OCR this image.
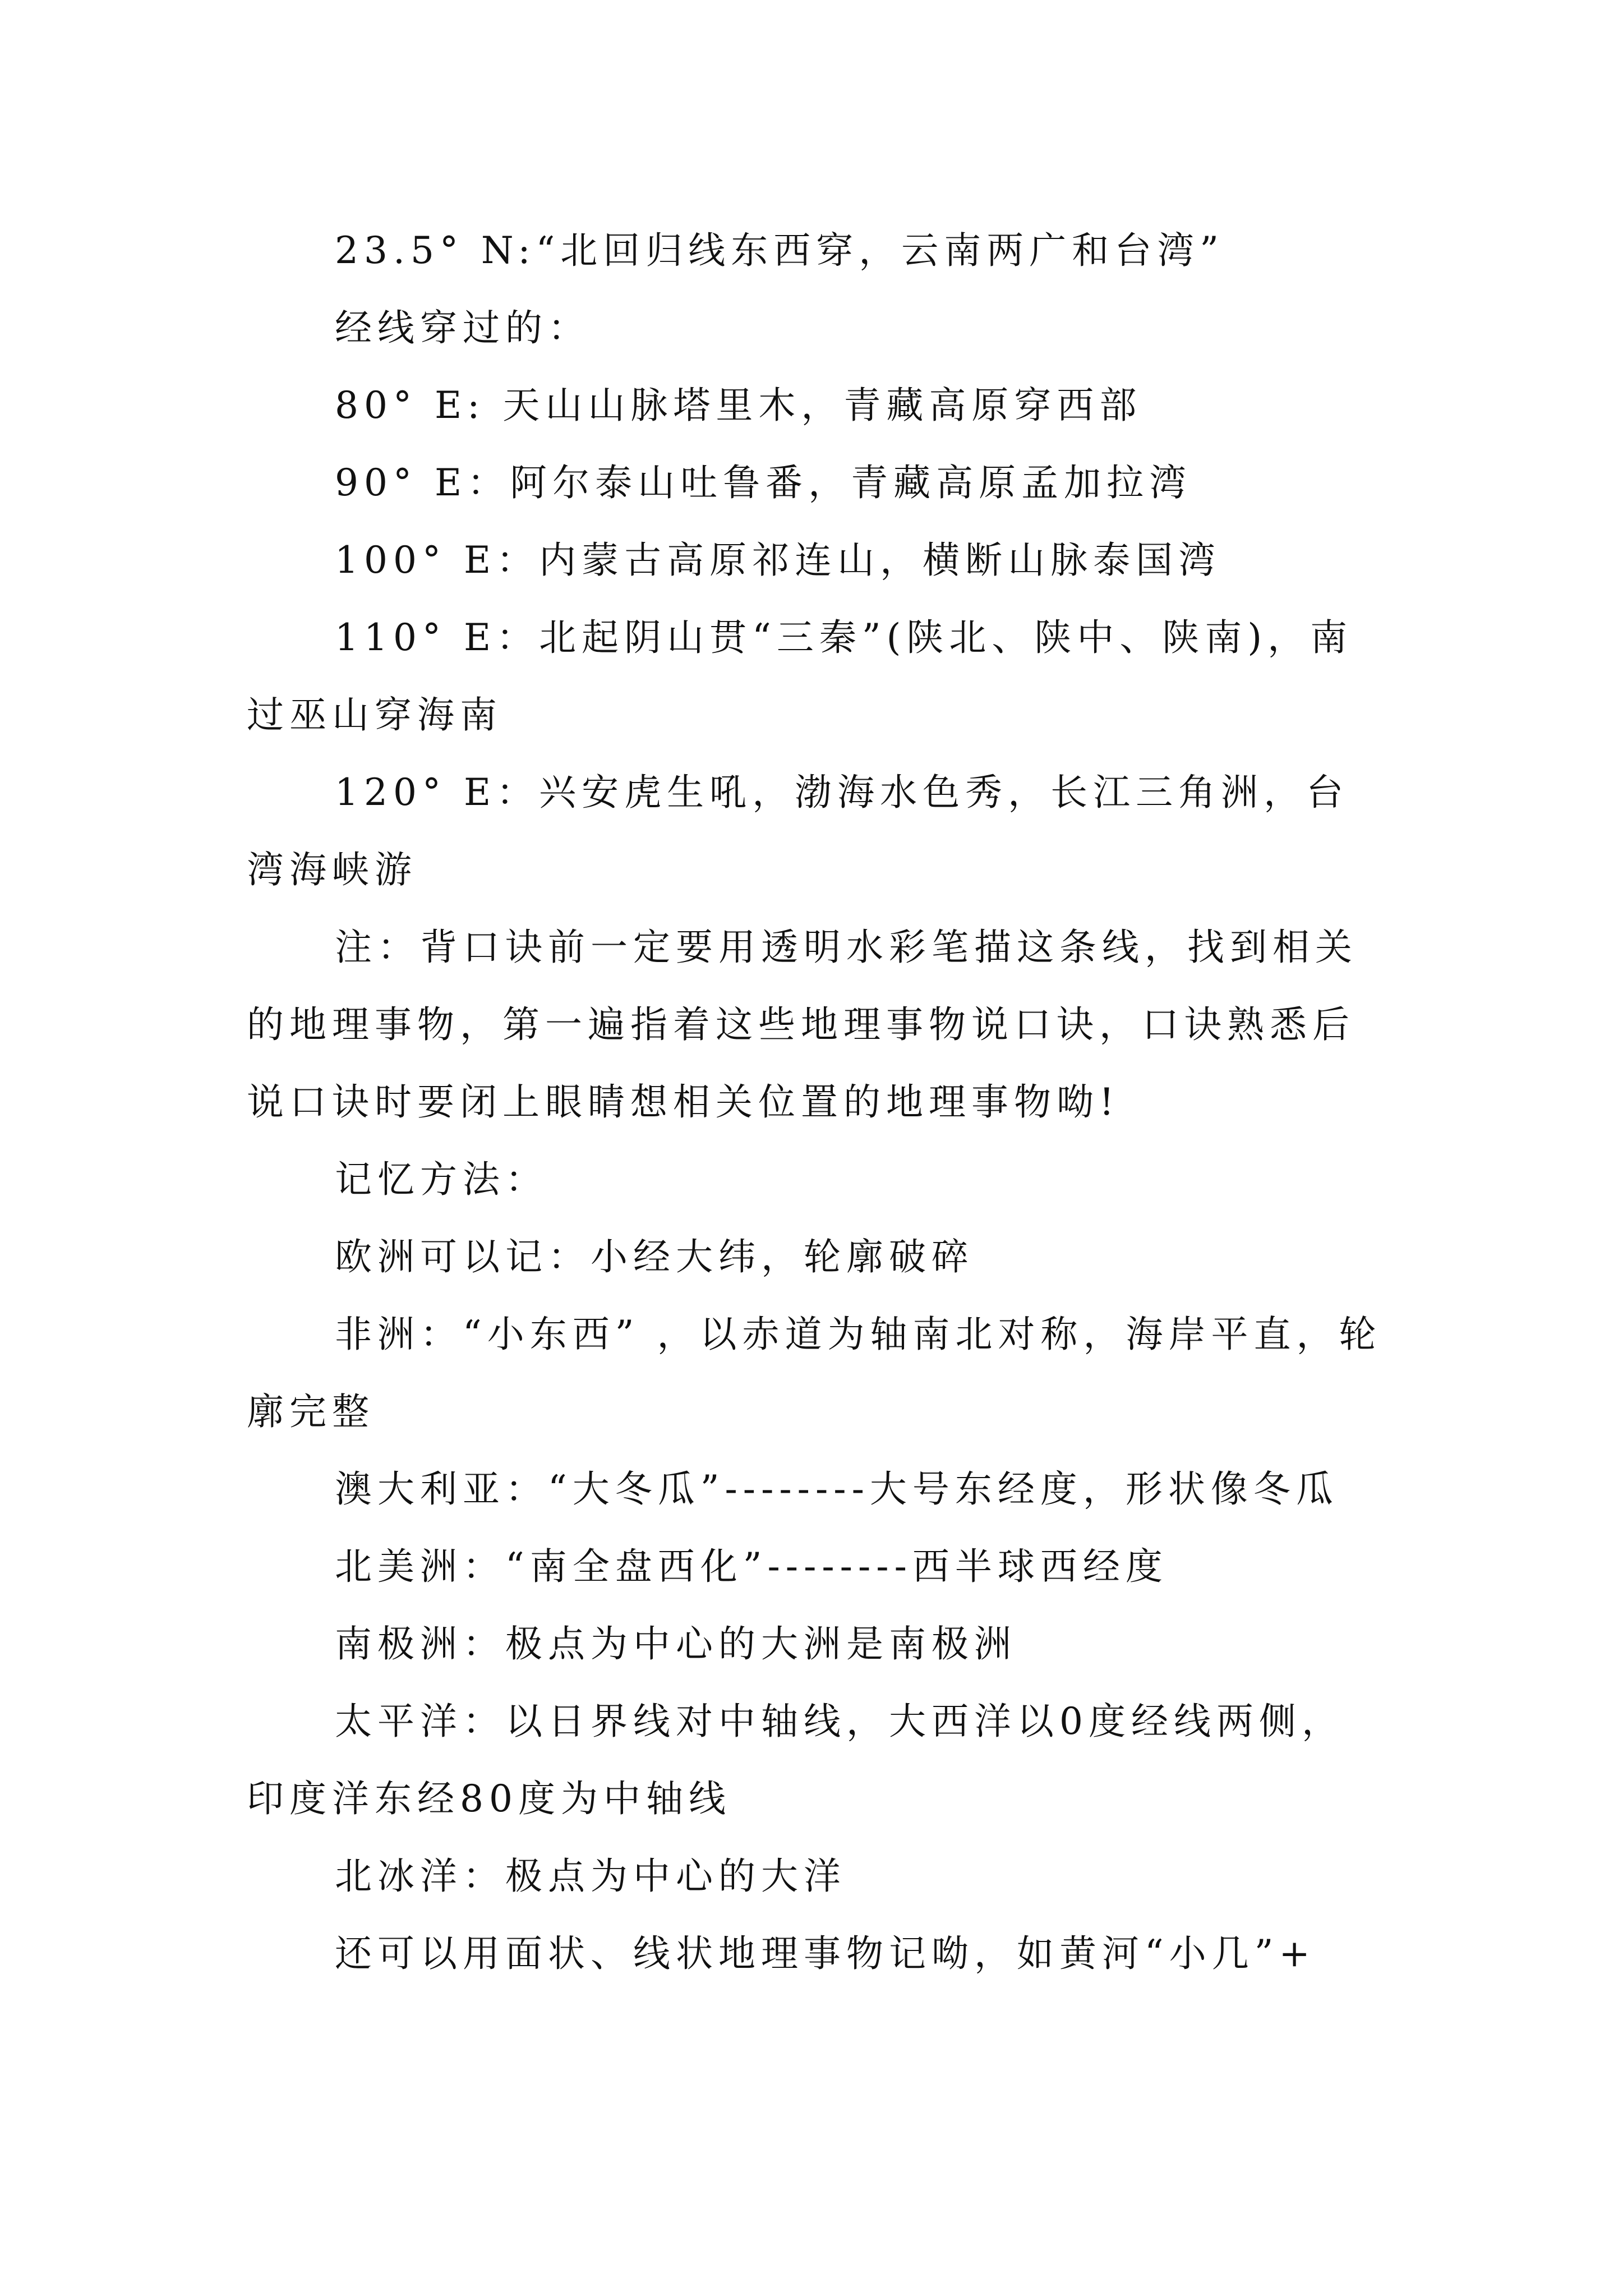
23.5° N:“北回归线东西穿，云南两广和台湾”

经线穿过的：

80° E: 天山山脉塔里木，青藏高原穿西部

90° E：阿尔泰山吐鲁番，青藏高原孟加拉湾

100° E：内蒙古高原祁连山，横断山脉泰国湾

110° E：北起阴山贯“三秦”(陕北、陕中、陕南)，南过巫山穿海南

120° E：兴安虎生吼，渤海水色秀，长江三角洲，台湾海峡游

注：背口诀前一定要用透明水彩笔描这条线，找到相关的地理事物，第一遍指着这些地理事物说口诀，口诀熟悉后说口诀时要闭上眼睛想相关位置的地理事物呦!

记忆方法：

欧洲可以记：小经大纬，轮廓破碎

非洲：“小东西” ，以赤道为轴南北对称，海岸平直，轮廓完整

澳大利亚：“大冬瓜”--------大号东经度，形状像冬瓜

北美洲：“南全盘西化”--------西半球西经度

南极洲：极点为中心的大洲是南极洲

太平洋：以日界线对中轴线，大西洋以0度经线两侧，印度洋东经80度为中轴线

北冰洋：极点为中心的大洋

还可以用面状、线状地理事物记呦，如黄河“小几”+
